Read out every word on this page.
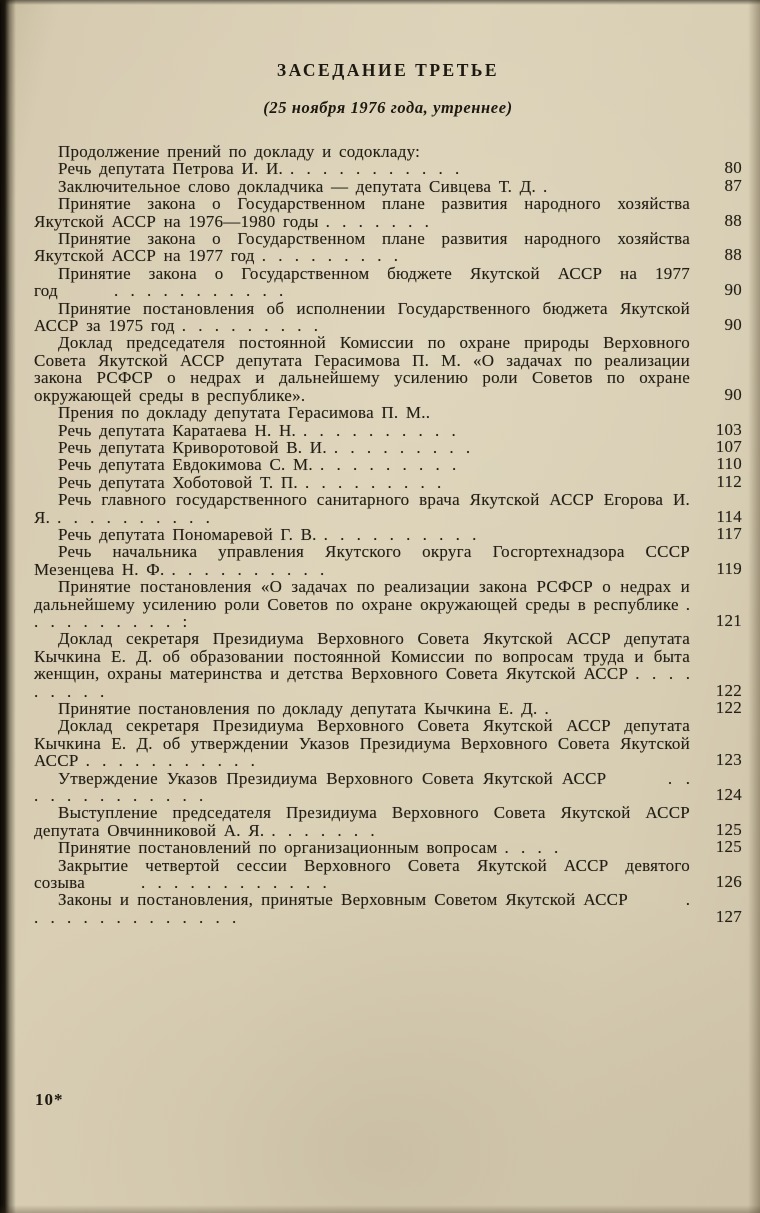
ЗАСЕДАНИЕ ТРЕТЬЕ
(25 ноября 1976 года, утреннее)

Продолжение прений по докладу и содокладу:

Речь депутата Петрова И. И. . . . . . . . . . . .	80

Заключительное слово докладчика — депутата Сивцева Т. Д. .	87

Принятие закона о Государственном плане развития народного хозяйства Якутской АССР на 1976—1980 годы . . . . . . .	88

Принятие закона о Государственном плане развития народного хозяйства Якутской АССР на 1977 год . . . . . . . . .	88

Принятие закона о Государственном бюджете Якутской АССР на 1977 год    . . . . . . . . . . .	90

Принятие постановления об исполнении Государственного бюджета Якутской АССР за 1975 год . . . . . . . . .	90

Доклад председателя постоянной Комиссии по охране природы Верховного Совета Якутской АССР депутата Герасимова П. М. «О задачах по реализации закона РСФСР о недрах и дальнейшему усилению роли Советов по охране окружающей среды в республике».	90

Прения по докладу депутата Герасимова П. М..

Речь депутата Каратаева Н. Н. . . . . . . . . . .	103

Речь депутата Криворотовой В. И. . . . . . . . . .	107

Речь депутата Евдокимова С. М. . . . . . . . . .	110

Речь депутата Хоботовой Т. П. . . . . . . . . .	112

Речь главного государственного санитарного врача Якутской АССР Егорова И. Я. . . . . . . . . . .	114

Речь депутата Пономаревой Г. В. . . . . . . . . . .	117

Речь начальника управления Якутского округа Госгортехнадзора СССР Мезенцева Н. Ф. . . . . . . . . . .	119

Принятие постановления «О задачах по реализации закона РСФСР о недрах и дальнейшему усилению роли Советов по охране окружающей среды в республике . . . . . . . . . . :	121

Доклад секретаря Президиума Верховного Совета Якутской АССР депутата Кычкина Е. Д. об образовании постоянной Комиссии по вопросам труда и быта женщин, охраны материнства и детства Верховного Совета Якутской АССР . . . . . . . . .	122

Принятие постановления по докладу депутата Кычкина Е. Д. .	122

Доклад секретаря Президиума Верховного Совета Якутской АССР депутата Кычкина Е. Д. об утверждении Указов Президиума Верховного Совета Якутской АССР . . . . . . . . . . .	123

Утверждение Указов Президиума Верховного Совета Якутской АССР    . . . . . . . . . . . . .	124

Выступление председателя Президиума Верховного Совета Якутской АССР депутата Овчинниковой А. Я. . . . . . . .	125

Принятие постановлений по организационным вопросам . . . .	125

Закрытие четвертой сессии Верховного Совета Якутской АССР девятого созыва    . . . . . . . . . . . .	126

Законы и постановления, принятые Верховным Советом Якутской АССР    . . . . . . . . . . . . . .	127

10*
